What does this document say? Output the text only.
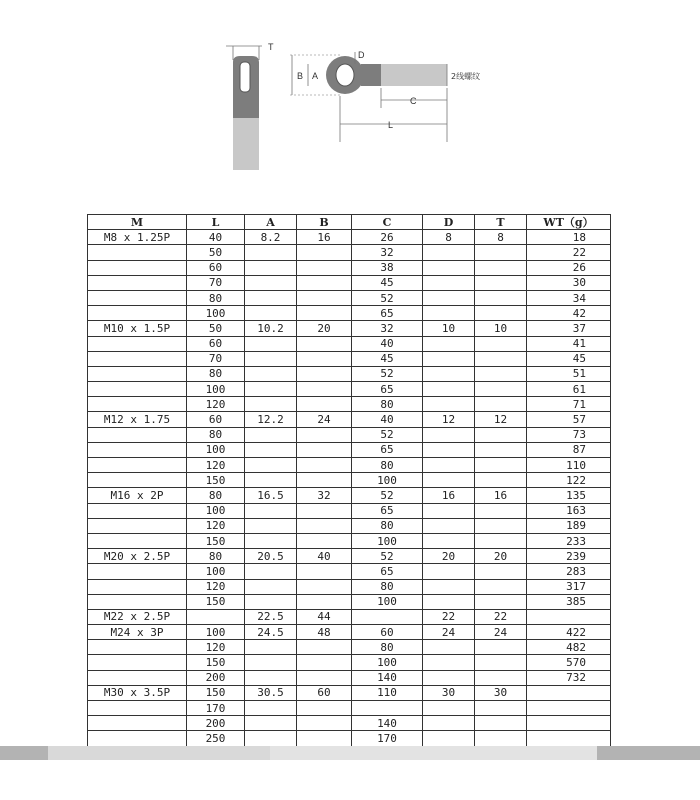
T
B A
D
C
L
2线螺纹
M	L	A	B	C	D	T	WT（g）
M8 x 1.25P	40	8.2	16	26	8	8	18
	50			32			22
	60			38			26
	70			45			30
	80			52			34
	100			65			42
M10 x 1.5P	50	10.2	20	32	10	10	37
	60			40			41
	70			45			45
	80			52			51
	100			65			61
	120			80			71
M12 x 1.75	60	12.2	24	40	12	12	57
	80			52			73
	100			65			87
	120			80			110
	150			100			122
M16 x 2P	80	16.5	32	52	16	16	135
	100			65			163
	120			80			189
	150			100			233
M20 x 2.5P	80	20.5	40	52	20	20	239
	100			65			283
	120			80			317
	150			100			385
M22 x 2.5P		22.5	44		22	22	
M24 x 3P	100	24.5	48	60	24	24	422
	120			80			482
	150			100			570
	200			140			732
M30 x 3.5P	150	30.5	60	110	30	30	
	170						
	200			140			
	250			170			
